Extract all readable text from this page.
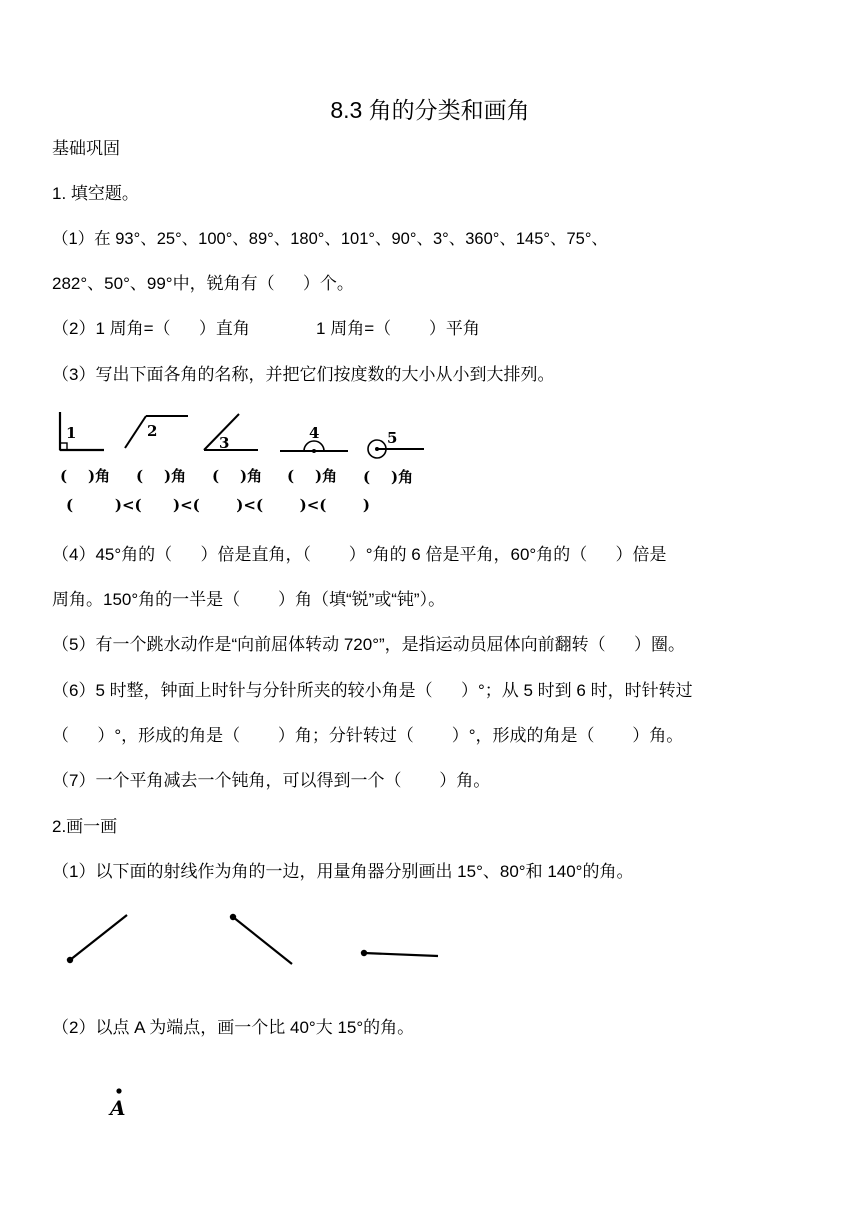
8.3 角的分类和画角
基础巩固
1. 填空题。
（1）在 93°、25°、100°、89°、180°、101°、90°、3°、360°、145°、75°、
282°、50°、99°中，锐角有（      ）个。
（2）1 周角=（      ）直角              1 周角=（        ）平角
（3）写出下面各角的名称，并把它们按度数的大小从小到大排列。
1	2
3
4	5
(    )角 (    )角 (    )角 (    )角 (    )角
(        )<(      )<(       )<(       )<(       )
（4）45°角的（      ）倍是直角，（        ）°角的 6 倍是平角，60°角的（      ）倍是
周角。150°角的一半是（        ）角（填“锐”或“钝”）。
（5）有一个跳水动作是“向前屈体转动 720°”，是指运动员屈体向前翻转（      ）圈。
（6）5 时整，钟面上时针与分针所夹的较小角是（      ）°；从 5 时到 6 时，时针转过
（      ）°，形成的角是（        ）角；分针转过（        ）°，形成的角是（        ）角。
（7）一个平角减去一个钝角，可以得到一个（        ）角。
2.画一画
（1）以下面的射线作为角的一边，用量角器分别画出 15°、80°和 140°的角。
（2）以点 A 为端点，画一个比 40°大 15°的角。
A
